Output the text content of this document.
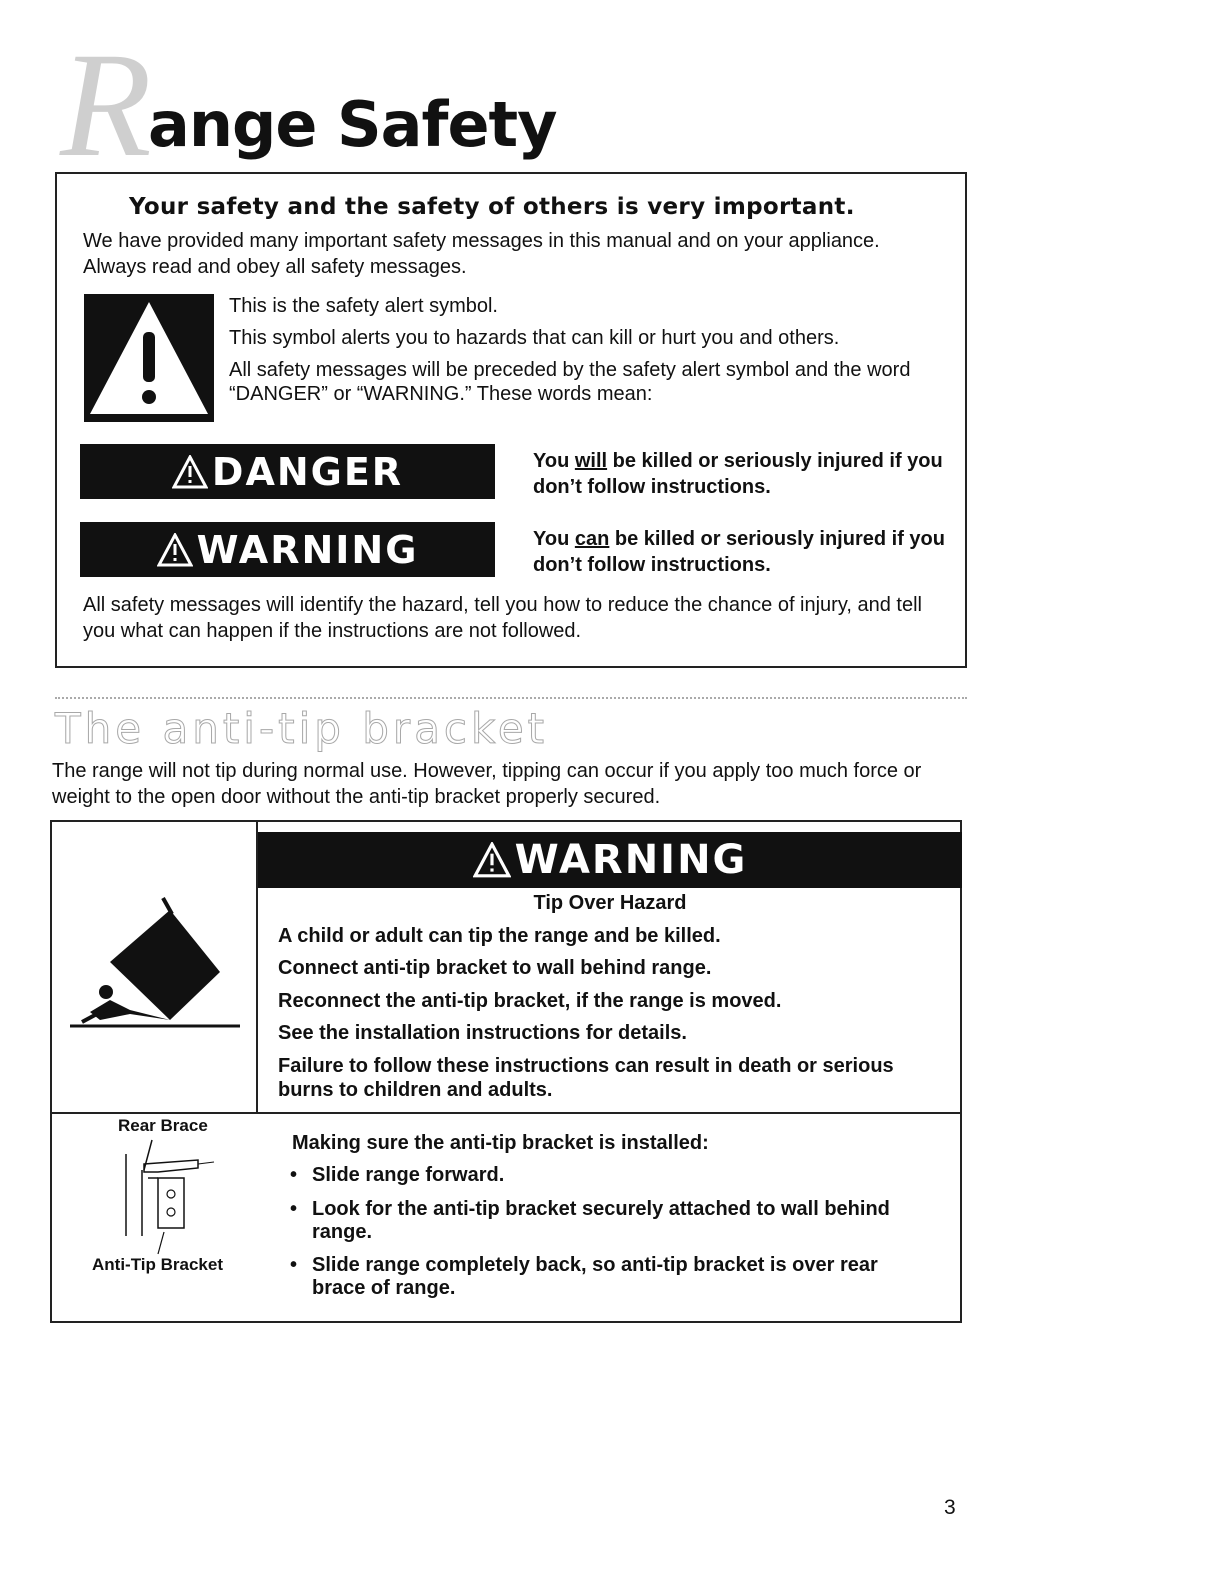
R
ange Safety
Your safety and the safety of others is very important.
We have provided many important safety messages in this manual and on your appliance. Always read and obey all safety messages.
This is the safety alert symbol.
This symbol alerts you to hazards that can kill or hurt you and others.
All safety messages will be preceded by the safety alert symbol and the word “DANGER” or “WARNING.” These words mean:
DANGER	You will be killed or seriously injured if you don’t follow instructions.
WARNING	You can be killed or seriously injured if you don’t follow instructions.
All safety messages will identify the hazard, tell you how to reduce the chance of injury, and tell you what can happen if the instructions are not followed.
The anti-tip bracket
The range will not tip during normal use. However, tipping can occur if you apply too much force or weight to the open door without the anti-tip bracket properly secured.
WARNING
Tip Over Hazard
A child or adult can tip the range and be killed.
Connect anti-tip bracket to wall behind range.
Reconnect the anti-tip bracket, if the range is moved.
See the installation instructions for details.
Failure to follow these instructions can result in death or serious burns to children and adults.
Rear Brace
Anti-Tip Bracket
Making sure the anti-tip bracket is installed:
• Slide range forward.
• Look for the anti-tip bracket securely attached to wall behind range.
• Slide range completely back, so anti-tip bracket is over rear brace of range.
3
